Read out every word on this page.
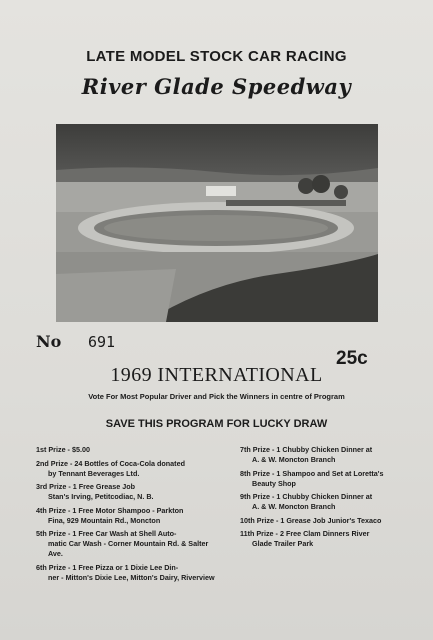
LATE MODEL STOCK CAR RACING
River Glade Speedway
No 691
25c
1969 INTERNATIONAL
Vote For Most Popular Driver and Pick the Winners in centre of Program
SAVE THIS PROGRAM FOR LUCKY DRAW
1st Prize - $5.00
2nd Prize - 24 Bottles of Coca-Cola donated
by Tennant Beverages Ltd.
3rd Prize - 1 Free Grease Job
Stan's Irving, Petitcodiac, N. B.
4th Prize - 1 Free Motor Shampoo - Parkton
Fina, 929 Mountain Rd., Moncton
5th Prize - 1 Free Car Wash at Shell Auto-
matic Car Wash - Corner Mountain Rd. & Salter Ave.
6th Prize - 1 Free Pizza or 1 Dixie Lee Din-
ner - Mitton's Dixie Lee, Mitton's Dairy, Riverview
7th Prize - 1 Chubby Chicken Dinner at
A. & W. Moncton Branch
8th Prize - 1 Shampoo and Set at Loretta's
Beauty Shop
9th Prize - 1 Chubby Chicken Dinner at
A. & W. Moncton Branch
10th Prize - 1 Grease Job Junior's Texaco
11th Prize - 2 Free Clam Dinners River
Glade Trailer Park
